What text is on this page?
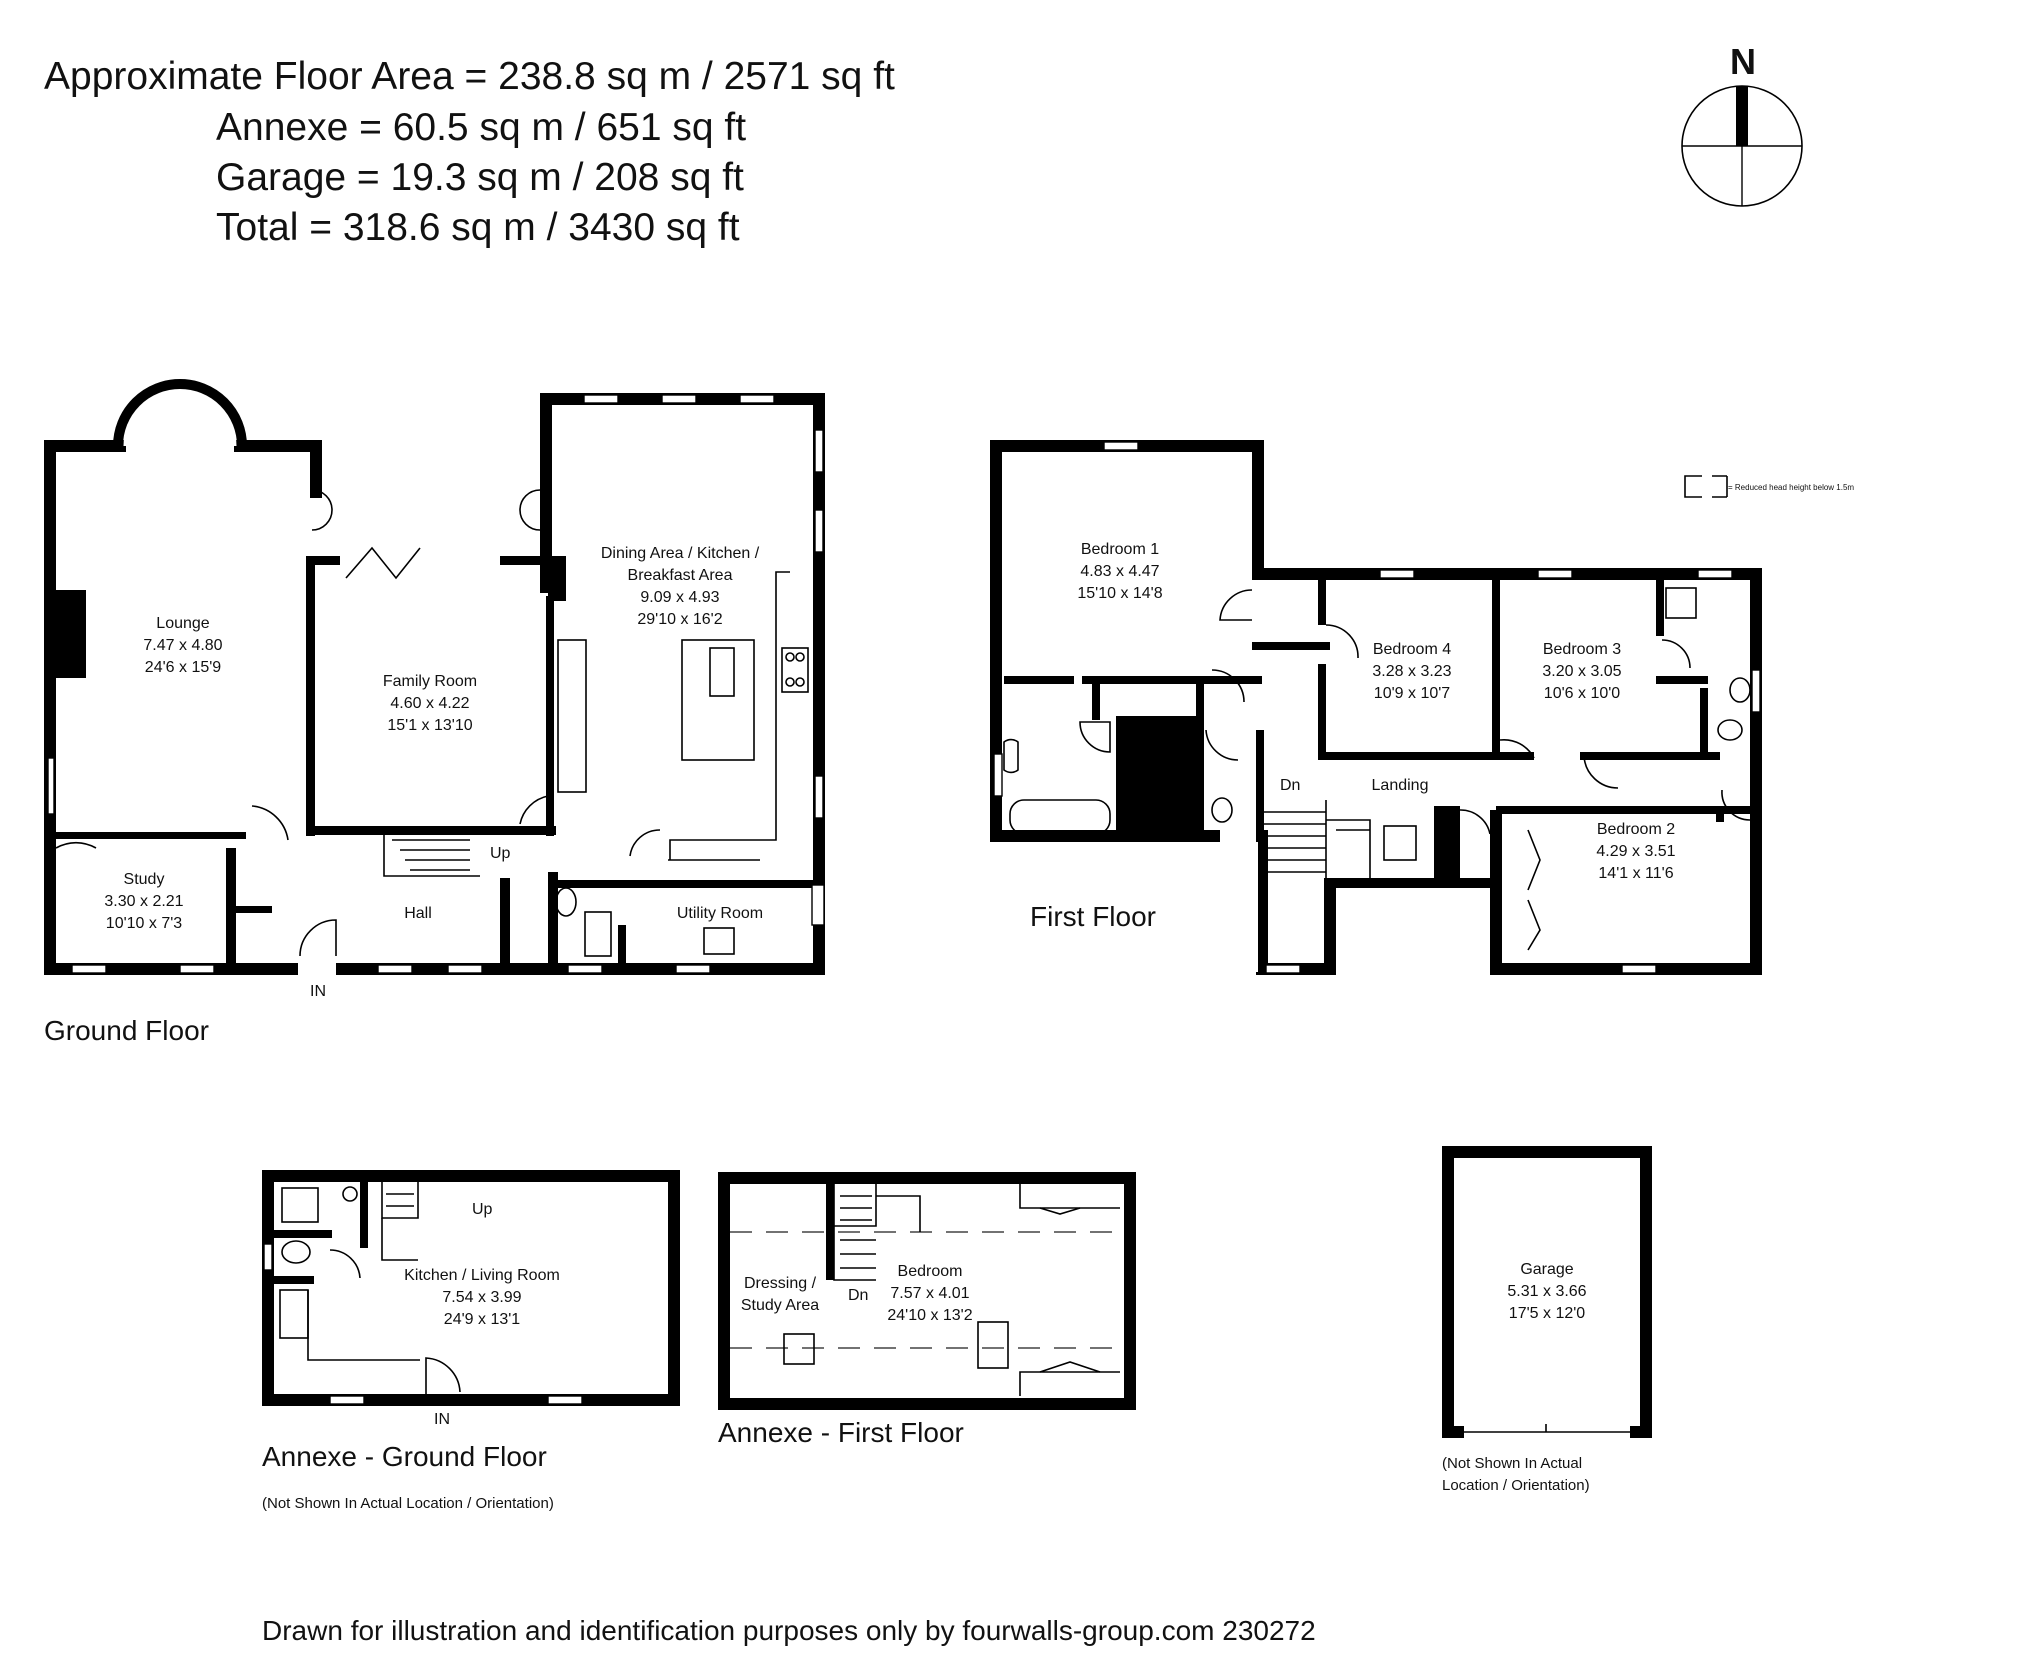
Approximate Floor Area = 238.8 sq m / 2571 sq ft
Annexe = 60.5 sq m / 651 sq ft
Garage = 19.3 sq m / 208 sq ft
Total = 318.6 sq m / 3430 sq ft
N
= Reduced head height below 1.5m
Lounge
7.47 x 4.80
24'6 x 15'9
Family Room
4.60 x 4.22
15'1 x 13'10
Dining Area / Kitchen /
Breakfast Area
9.09 x 4.93
29'10 x 16'2
Study
3.30 x 2.21
10'10 x 7'3
Hall	Utility Room
Up
IN
Ground Floor
Bedroom 1
4.83 x 4.47
15'10 x 14'8
Bedroom 4
3.28 x 3.23
10'9 x 10'7
Bedroom 3
3.20 x 3.05
10'6 x 10'0
Bedroom 2
4.29 x 3.51
14'1 x 11'6
Landing
Dn
First Floor
Kitchen / Living Room
7.54 x 3.99
24'9 x 13'1
Up
IN
Annexe - Ground Floor
(Not Shown In Actual Location / Orientation)
Dressing /
Study Area
Dn
Bedroom
7.57 x 4.01
24'10 x 13'2
Annexe - First Floor
Garage
5.31 x 3.66
17'5 x 12'0
(Not Shown In Actual
Location / Orientation)
Drawn for illustration and identification purposes only by fourwalls-group.com 230272
